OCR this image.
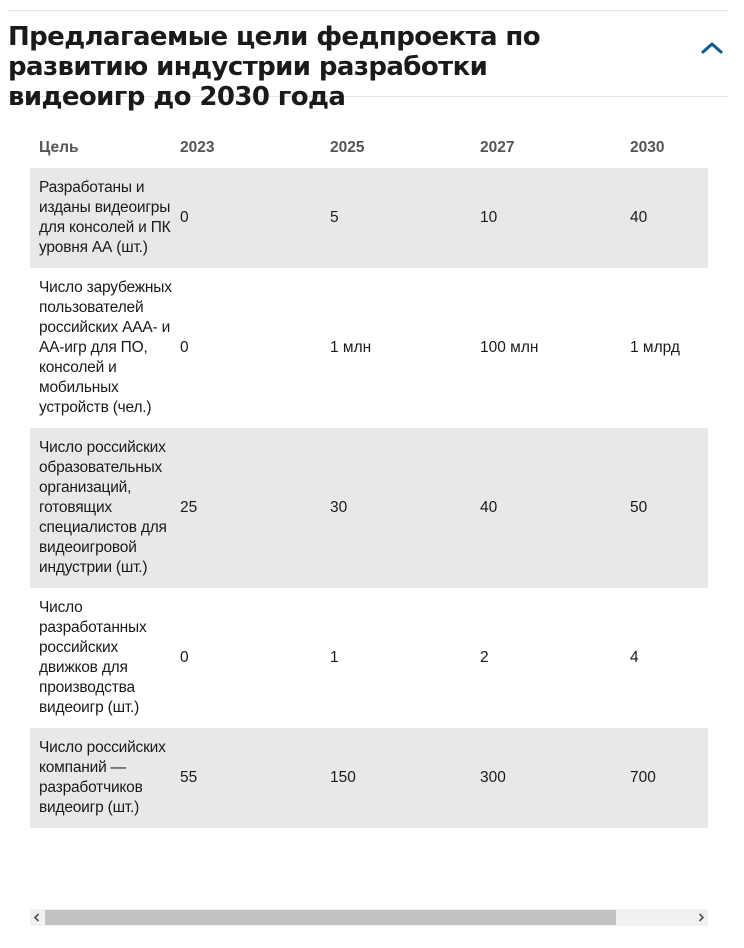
Предлагаемые цели федпроекта по развитию индустрии разработки видеоигр до 2030 года
Цель	2023	2025	2027	2030
Разработаны и изданы видеоигры для консолей и ПК уровня АА (шт.)	0	5	10	40
Число зарубежных пользователей российских ААА- и АА-игр для ПО, консолей и мобильных устройств (чел.)	0	1 млн	100 млн	1 млрд
Число российских образовательных организаций, готовящих специалистов для видеоигровой индустрии (шт.)	25	30	40	50
Число разработанных российских движков для производства видеоигр (шт.)	0	1	2	4
Число российских компаний —разработчиков видеоигр (шт.)	55	150	300	700
